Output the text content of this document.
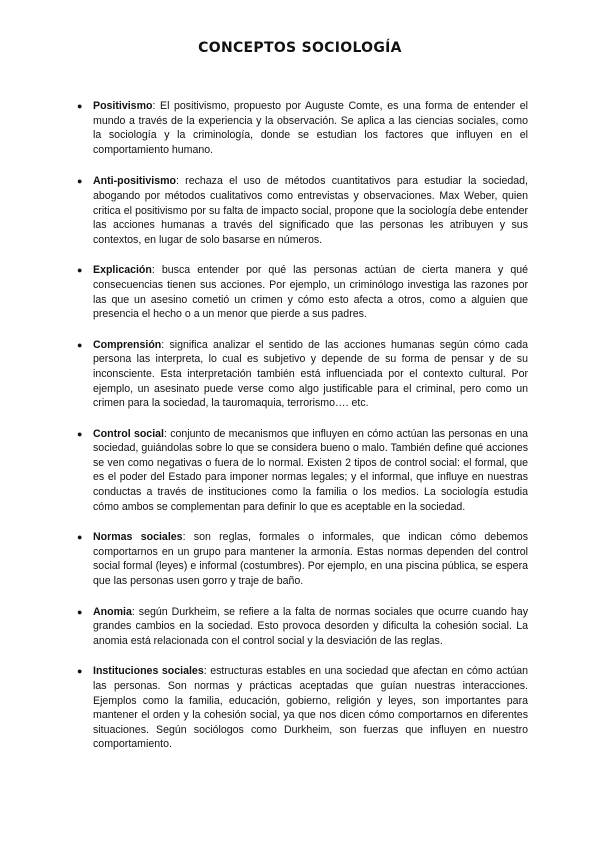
CONCEPTOS SOCIOLOGÍA
● Positivismo: El positivismo, propuesto por Auguste Comte, es una forma de entender el mundo a través de la experiencia y la observación. Se aplica a las ciencias sociales, como la sociología y la criminología, donde se estudian los factores que influyen en el comportamiento humano.
● Anti-positivismo: rechaza el uso de métodos cuantitativos para estudiar la sociedad, abogando por métodos cualitativos como entrevistas y observaciones. Max Weber, quien critica el positivismo por su falta de impacto social, propone que la sociología debe entender las acciones humanas a través del significado que las personas les atribuyen y sus contextos, en lugar de solo basarse en números.
● Explicación: busca entender por qué las personas actúan de cierta manera y qué consecuencias tienen sus acciones. Por ejemplo, un criminólogo investiga las razones por las que un asesino cometió un crimen y cómo esto afecta a otros, como a alguien que presencia el hecho o a un menor que pierde a sus padres.
● Comprensión: significa analizar el sentido de las acciones humanas según cómo cada persona las interpreta, lo cual es subjetivo y depende de su forma de pensar y de su inconsciente. Esta interpretación también está influenciada por el contexto cultural. Por ejemplo, un asesinato puede verse como algo justificable para el criminal, pero como un crimen para la sociedad, la tauromaquia, terrorismo…. etc.
● Control social: conjunto de mecanismos que influyen en cómo actúan las personas en una sociedad, guiándolas sobre lo que se considera bueno o malo. También define qué acciones se ven como negativas o fuera de lo normal. Existen 2 tipos de control social: el formal, que es el poder del Estado para imponer normas legales; y el informal, que influye en nuestras conductas a través de instituciones como la familia o los medios. La sociología estudia cómo ambos se complementan para definir lo que es aceptable en la sociedad.
● Normas sociales: son reglas, formales o informales, que indican cómo debemos comportarnos en un grupo para mantener la armonía. Estas normas dependen del control social formal (leyes) e informal (costumbres). Por ejemplo, en una piscina pública, se espera que las personas usen gorro y traje de baño.
● Anomia: según Durkheim, se refiere a la falta de normas sociales que ocurre cuando hay grandes cambios en la sociedad. Esto provoca desorden y dificulta la cohesión social. La anomia está relacionada con el control social y la desviación de las reglas.
● Instituciones sociales: estructuras estables en una sociedad que afectan en cómo actúan las personas. Son normas y prácticas aceptadas que guían nuestras interacciones. Ejemplos como la familia, educación, gobierno, religión y leyes, son importantes para mantener el orden y la cohesión social, ya que nos dicen cómo comportarnos en diferentes situaciones. Según sociólogos como Durkheim, son fuerzas que influyen en nuestro comportamiento.
